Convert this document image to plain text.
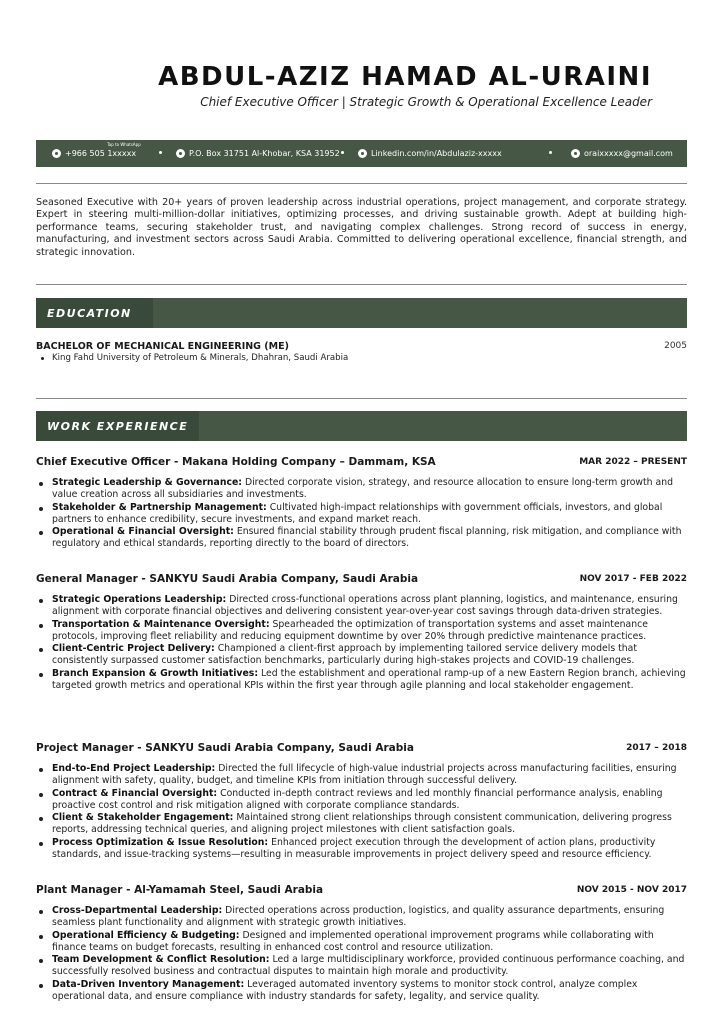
ABDUL-AZIZ HAMAD AL-URAINI
Chief Executive Officer | Strategic Growth & Operational Excellence Leader
Tap to WhatsApp
+966 505 1xxxxx	P.O. Box 31751 Al-Khobar, KSA 31952	Linkedin.com/in/Abdulaziz-xxxxx	oraixxxxx@gmail.com
Seasoned Executive with 20+ years of proven leadership across industrial operations, project management, and corporate strategy. Expert in steering multi-million-dollar initiatives, optimizing processes, and driving sustainable growth. Adept at building high-performance teams, securing stakeholder trust, and navigating complex challenges. Strong record of success in energy, manufacturing, and investment sectors across Saudi Arabia. Committed to delivering operational excellence, financial strength, and strategic innovation.
EDUCATION
BACHELOR OF MECHANICAL ENGINEERING (ME)	2005
King Fahd University of Petroleum & Minerals, Dhahran, Saudi Arabia
WORK EXPERIENCE
Chief Executive Officer - Makana Holding Company – Dammam, KSA	MAR 2022 – PRESENT
Strategic Leadership & Governance: Directed corporate vision, strategy, and resource allocation to ensure long-term growth and value creation across all subsidiaries and investments.
Stakeholder & Partnership Management: Cultivated high-impact relationships with government officials, investors, and global partners to enhance credibility, secure investments, and expand market reach.
Operational & Financial Oversight: Ensured financial stability through prudent fiscal planning, risk mitigation, and compliance with regulatory and ethical standards, reporting directly to the board of directors.
General Manager - SANKYU Saudi Arabia Company, Saudi Arabia	NOV 2017 - FEB 2022
Strategic Operations Leadership: Directed cross-functional operations across plant planning, logistics, and maintenance, ensuring alignment with corporate financial objectives and delivering consistent year-over-year cost savings through data-driven strategies.
Transportation & Maintenance Oversight: Spearheaded the optimization of transportation systems and asset maintenance protocols, improving fleet reliability and reducing equipment downtime by over 20% through predictive maintenance practices.
Client-Centric Project Delivery: Championed a client-first approach by implementing tailored service delivery models that consistently surpassed customer satisfaction benchmarks, particularly during high-stakes projects and COVID-19 challenges.
Branch Expansion & Growth Initiatives: Led the establishment and operational ramp-up of a new Eastern Region branch, achieving targeted growth metrics and operational KPIs within the first year through agile planning and local stakeholder engagement.
Project Manager - SANKYU Saudi Arabia Company, Saudi Arabia	2017 – 2018
End-to-End Project Leadership: Directed the full lifecycle of high-value industrial projects across manufacturing facilities, ensuring alignment with safety, quality, budget, and timeline KPIs from initiation through successful delivery.
Contract & Financial Oversight: Conducted in-depth contract reviews and led monthly financial performance analysis, enabling proactive cost control and risk mitigation aligned with corporate compliance standards.
Client & Stakeholder Engagement: Maintained strong client relationships through consistent communication, delivering progress reports, addressing technical queries, and aligning project milestones with client satisfaction goals.
Process Optimization & Issue Resolution: Enhanced project execution through the development of action plans, productivity standards, and issue-tracking systems—resulting in measurable improvements in project delivery speed and resource efficiency.
Plant Manager - Al-Yamamah Steel, Saudi Arabia	NOV 2015 - NOV 2017
Cross-Departmental Leadership: Directed operations across production, logistics, and quality assurance departments, ensuring seamless plant functionality and alignment with strategic growth initiatives.
Operational Efficiency & Budgeting: Designed and implemented operational improvement programs while collaborating with finance teams on budget forecasts, resulting in enhanced cost control and resource utilization.
Team Development & Conflict Resolution: Led a large multidisciplinary workforce, provided continuous performance coaching, and successfully resolved business and contractual disputes to maintain high morale and productivity.
Data-Driven Inventory Management: Leveraged automated inventory systems to monitor stock control, analyze complex operational data, and ensure compliance with industry standards for safety, legality, and service quality.
